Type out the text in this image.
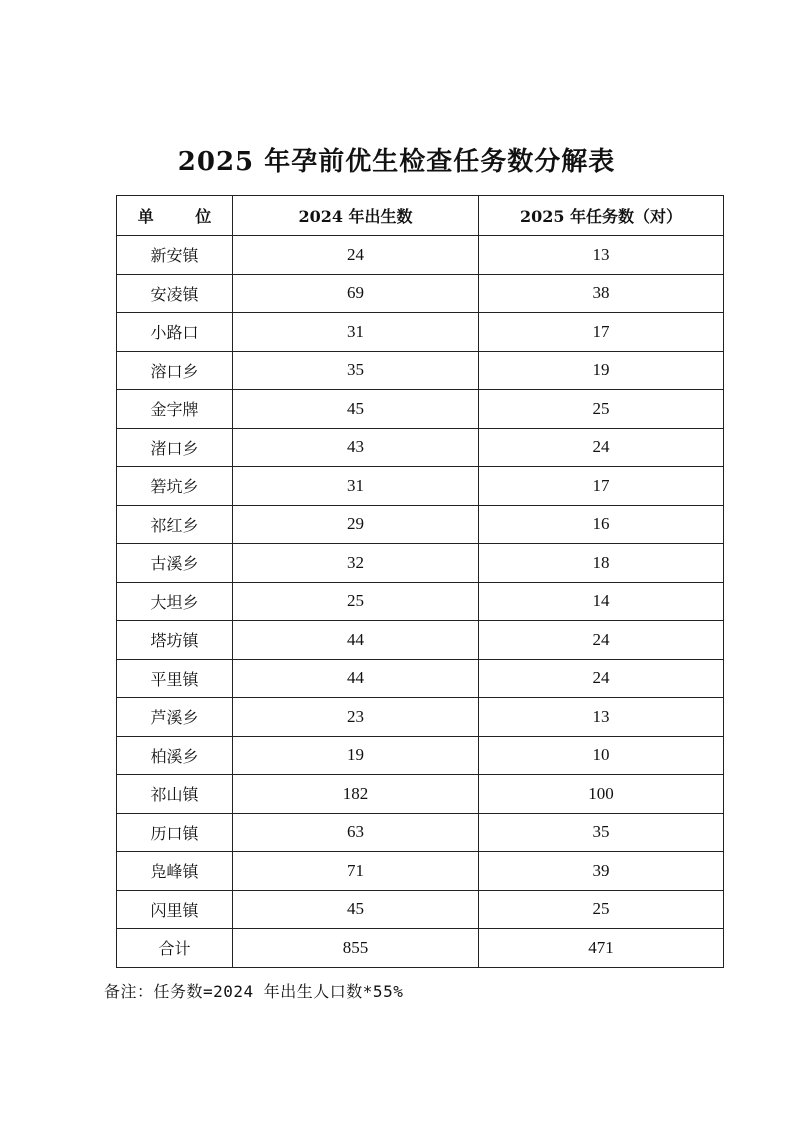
2025 年孕前优生检查任务数分解表
单 位	2024 年出生数	2025 年任务数（对）
新安镇	24	13
安凌镇	69	38
小路口	31	17
溶口乡	35	19
金字牌	45	25
渚口乡	43	24
箬坑乡	31	17
祁红乡	29	16
古溪乡	32	18
大坦乡	25	14
塔坊镇	44	24
平里镇	44	24
芦溪乡	23	13
柏溪乡	19	10
祁山镇	182	100
历口镇	63	35
凫峰镇	71	39
闪里镇	45	25
合计	855	471
备注：任务数=2024 年出生人口数*55%
